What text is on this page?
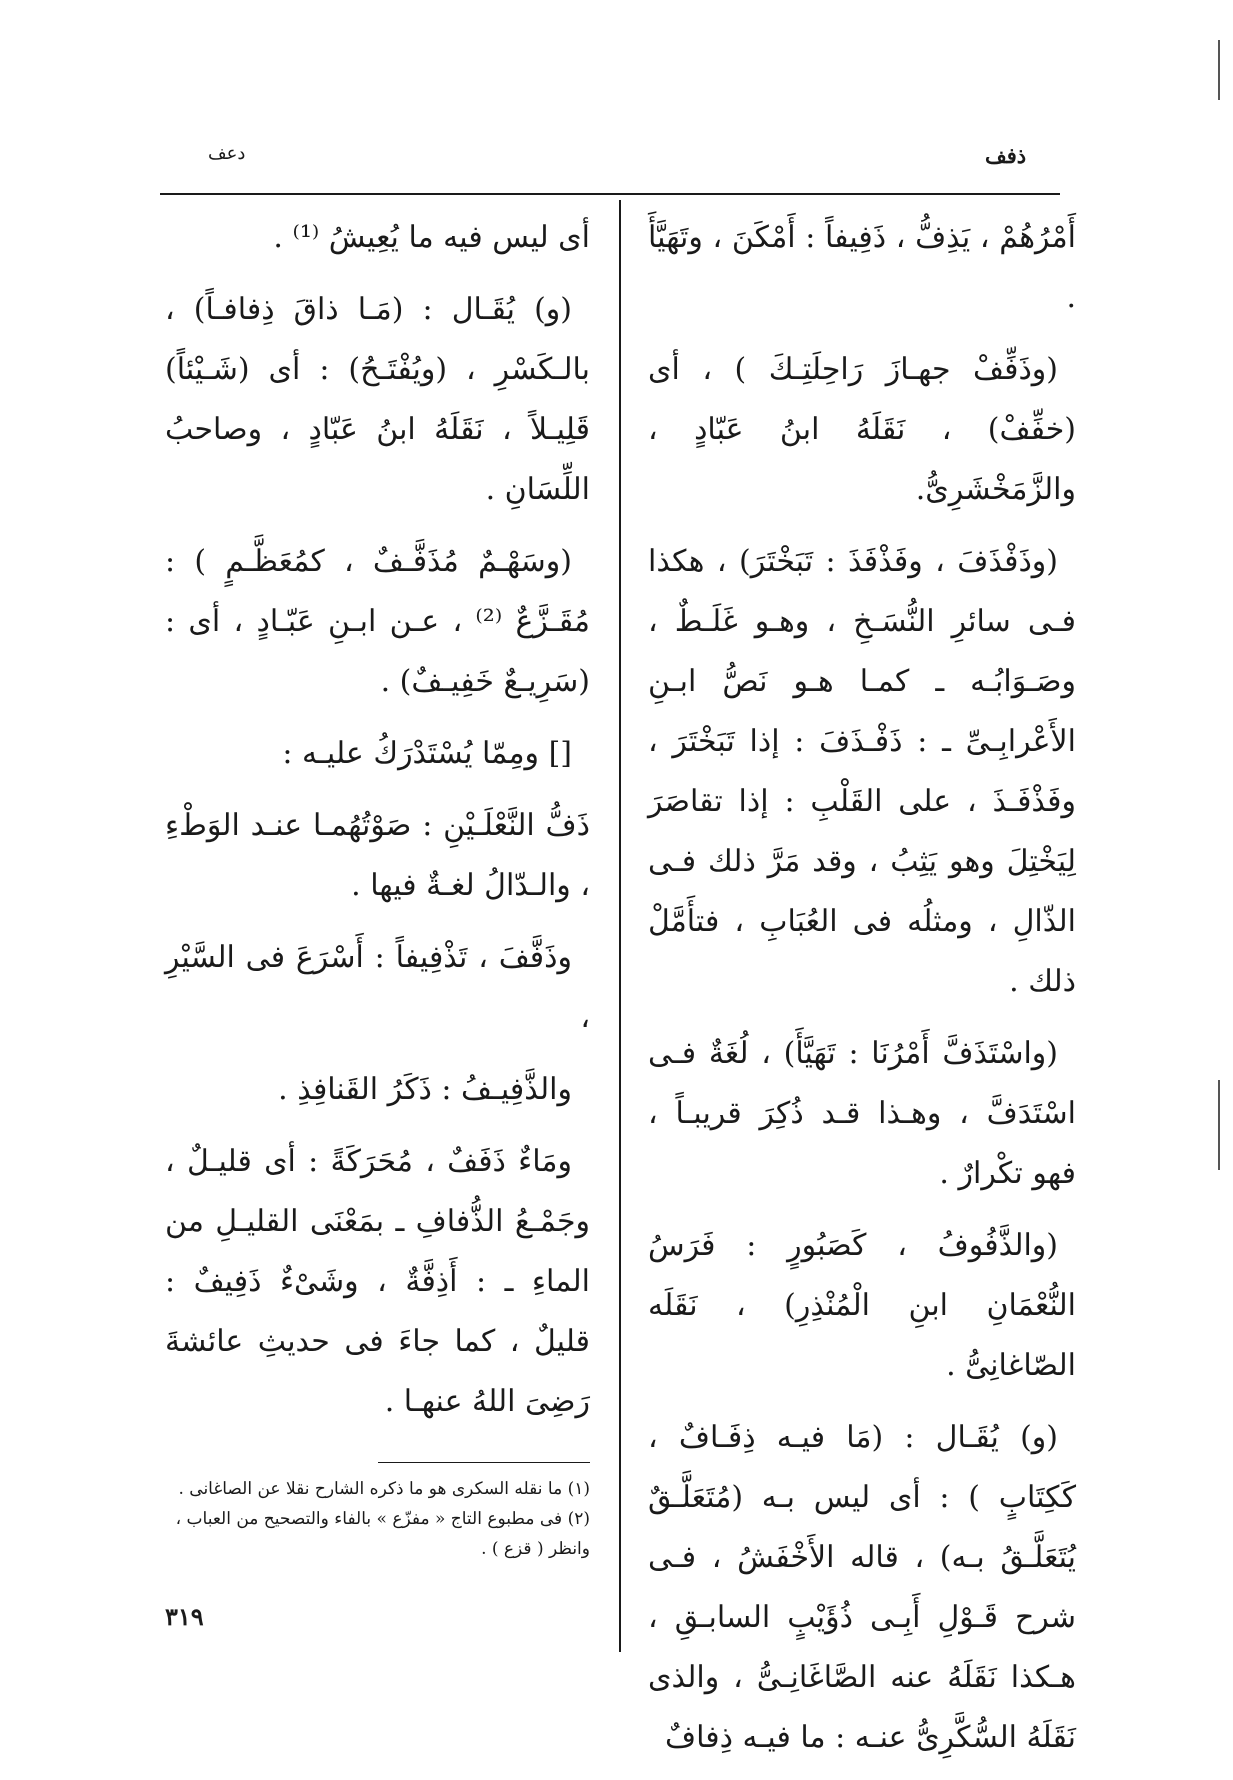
ذفف
دعف

أَمْرُهُمْ ، يَذِفُّ ، ذَفِيفاً : أَمْكَنَ ، وتَهَيَّأَ .

(وذَفِّفْ جهـازَ رَاحِلَتِـكَ ) ، أى (خفِّفْ) ، نَقَلَهُ ابنُ عَبّادٍ ، والزَّمَخْشَرِىُّ.

(وذَفْذَفَ ، وفَذْفَذَ : تَبَخْتَرَ) ، هكذا فـى سائرِ النُّسَـخِ ، وهـو غَلَـطٌ ، وصَـوَابُـه ـ كمـا هـو نَصُّ ابـنِ الأَعْرابِـىِّ ـ : ذَفْـذَفَ : إذا تَبَخْتَرَ ، وفَذْفَـذَ ، على القَلْبِ : إذا تقاصَرَ لِيَخْتِلَ وهو يَثِبُ ، وقد مَرَّ ذلك فـى الذّالِ ، ومثلُه فى العُبَابِ ، فتأَمَّلْ ذلك .

(واسْتَذَفَّ أَمْرُنَا : تَهَيَّأَ) ، لُغَةٌ فـى اسْتَدَفَّ ، وهـذا قـد ذُكِرَ قريبـاً ، فهو تكْرارٌ .

(والذَّفُوفُ ، كَصَبُورٍ : فَرَسُ النُّعْمَانِ ابنِ الْمُنْذِرِ) ، نَقَلَه الصّاغانِىُّ .

(و) يُقَـال : (مَا فيـه ذِفَـافٌ ، كَكِتَابٍ ) : أى ليس بـه (مُتَعَلَّـقٌ يُتَعَلَّـقُ بـه) ، قاله الأَخْفَشُ ، فـى شرح قَـوْلِ أَبِـى ذُؤَيْبٍ السابـقِ ، هـكذا نَقَلَهُ عنه الصَّاغَانِـىُّ ، والذى نَقَلَهُ السُّكَّرِىُّ عنـه : ما فيـه ذِفافٌ

أى ليس فيه ما يُعِيشُ ⁽¹⁾ .

(و) يُقَـال : (مَـا ذاقَ ذِفافـاً) ، بالـكَسْرِ ، (ويُفْتَـحُ) : أى (شَـيْئاً) قَلِيـلاً ، نَقَلَهُ ابنُ عَبّادٍ ، وصاحبُ اللِّسَانِ .

(وسَهْـمٌ مُذَفَّـفٌ ، كمُعَظَّـمٍ ) : مُقَـزَّعٌ ⁽²⁾ ، عـن ابـنِ عَبّـادٍ ، أى : (سَرِيـعٌ خَفِيـفٌ) .

[] ومِمّا يُسْتَدْرَكُ عليـه :

ذَفُّ النَّعْلَـيْنِ : صَوْتُهُمـا عنـد الوَطْءِ ، والـدّالُ لغـةٌ فيها .

وذَفَّفَ ، تَذْفِيفاً : أَسْرَعَ فى السَّيْرِ ،

والذَّفِيـفُ : ذَكَرُ القَنافِذِ .

ومَاءٌ ذَفَفٌ ، مُحَرَكَةً : أى قليـلٌ ، وجَمْـعُ الذُّفافِ ـ بمَعْنَى القليـلِ من الماءِ ـ : أَذِفَّةٌ ، وشَىْءٌ ذَفِيفٌ : قليلٌ ، كما جاءَ فى حديثِ عائشةَ رَضِىَ اللهُ عنهـا .

(١) ما نقله السكرى هو ما ذكره الشارح نقلا عن الصاغانى .

(٢) فى مطبوع التاج « مفزّع » بالفاء والتصحيح من العباب ، وانظر ( قزع ) .

٣١٩
